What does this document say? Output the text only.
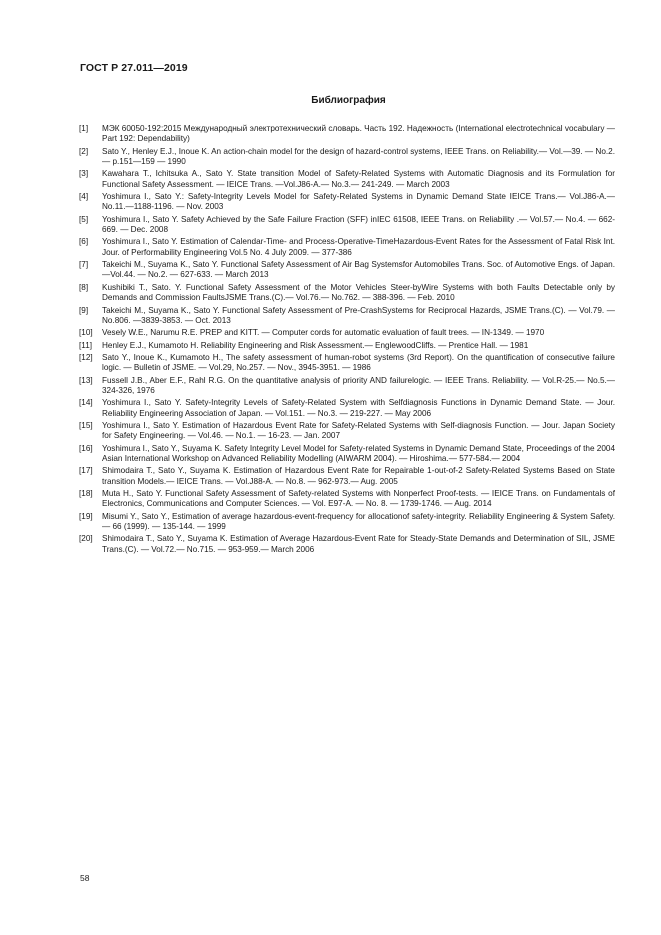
ГОСТ Р 27.011—2019
Библиография
[1]	МЭК 60050-192:2015 Международный электротехнический словарь. Часть 192. Надежность (International electrotechnical vocabulary — Part 192: Dependability)
[2]	Sato Y., Henley E.J., Inoue K. An action-chain model for the design of hazard-control systems, IEEE Trans. on Reliability.— Vol.—39. — No.2.— p.151—159 — 1990
[3]	Kawahara T., Ichitsuka A., Sato Y. State transition Model of Safety-Related Systems with Automatic Diagnosis and its Formulation for Functional Safety Assessment. — IEICE Trans. —Vol.J86-A.— No.3.— 241-249. — March 2003
[4]	Yoshimura I., Sato Y.: Safety-Integrity Levels Model for Safety-Related Systems in Dynamic Demand State IEICE Trans.— Vol.J86-A.— No.11.—1188-1196. — Nov. 2003
[5]	Yoshimura I., Sato Y. Safety Achieved by the Safe Failure Fraction (SFF) inIEC 61508, IEEE Trans. on Reliability .— Vol.57.— No.4. — 662-669. — Dec. 2008
[6]	Yoshimura I., Sato Y. Estimation of Calendar-Time- and Process-Operative-TimeHazardous-Event Rates for the Assessment of Fatal Risk Int. Jour. of Performability Engineering Vol.5 No. 4 July 2009. — 377-386
[7]	Takeichi M., Suyama K., Sato Y. Functional Safety Assessment of Air Bag Systemsfor Automobiles Trans. Soc. of Automotive Engs. of Japan. —Vol.44. — No.2. — 627-633. — March 2013
[8]	Kushibiki T., Sato. Y. Functional Safety Assessment of the Motor Vehicles Steer-byWire Systems with both Faults Detectable only by Demands and Commission FaultsJSME Trans.(C).— Vol.76.— No.762. — 388-396. — Feb. 2010
[9]	Takeichi M., Suyama K., Sato Y. Functional Safety Assessment of Pre-CrashSystems for Reciprocal Hazards, JSME Trans.(C). — Vol.79. — No.806. —3839-3853. — Oct. 2013
[10]	Vesely W.E., Narumu R.E. PREP and KITT. — Computer cords for automatic evaluation of fault trees. — IN-1349. — 1970
[11]	Henley E.J., Kumamoto H. Reliability Engineering and Risk Assessment.— EnglewoodCliffs. — Prentice Hall. — 1981
[12]	Sato Y., Inoue K., Kumamoto H., The safety assessment of human-robot systems (3rd Report). On the quantification of consecutive failure logic. — Bulletin of JSME. — Vol.29, No.257. — Nov., 3945-3951. — 1986
[13]	Fussell J.B., Aber E.F., Rahl R.G. On the quantitative analysis of priority AND failurelogic. — IEEE Trans. Reliability. — Vol.R-25.— No.5.— 324-326, 1976
[14]	Yoshimura I., Sato Y. Safety-Integrity Levels of Safety-Related System with Selfdiagnosis Functions in Dynamic Demand State. — Jour. Reliability Engineering Association of Japan. — Vol.151. — No.3. — 219-227. — May 2006
[15]	Yoshimura I., Sato Y. Estimation of Hazardous Event Rate for Safety-Related Systems with Self-diagnosis Function. — Jour. Japan Society for Safety Engineering. — Vol.46. — No.1. — 16-23. — Jan. 2007
[16]	Yoshimura I., Sato Y., Suyama K. Safety Integrity Level Model for Safety-related Systems in Dynamic Demand State, Proceedings of the 2004 Asian International Workshop on Advanced Reliability Modelling (AIWARM 2004). — Hiroshima.— 577-584.— 2004
[17]	Shimodaira T., Sato Y., Suyama K. Estimation of Hazardous Event Rate for Repairable 1-out-of-2 Safety-Related Systems Based on State transition Models.— IEICE Trans. — Vol.J88-A. — No.8. — 962-973.— Aug. 2005
[18]	Muta H., Sato Y. Functional Safety Assessment of Safety-related Systems with Nonperfect Proof-tests. — IEICE Trans. on Fundamentals of Electronics, Communications and Computer Sciences. — Vol. E97-A. — No. 8. — 1739-1746. — Aug. 2014
[19]	Misumi Y., Sato Y., Estimation of average hazardous-event-frequency for allocationof safety-integrity. Reliability Engineering & System Safety. — 66 (1999). — 135-144. — 1999
[20]	Shimodaira T., Sato Y., Suyama K. Estimation of Average Hazardous-Event Rate for Steady-State Demands and Determination of SIL, JSME Trans.(C). — Vol.72.— No.715. — 953-959.— March 2006
58
